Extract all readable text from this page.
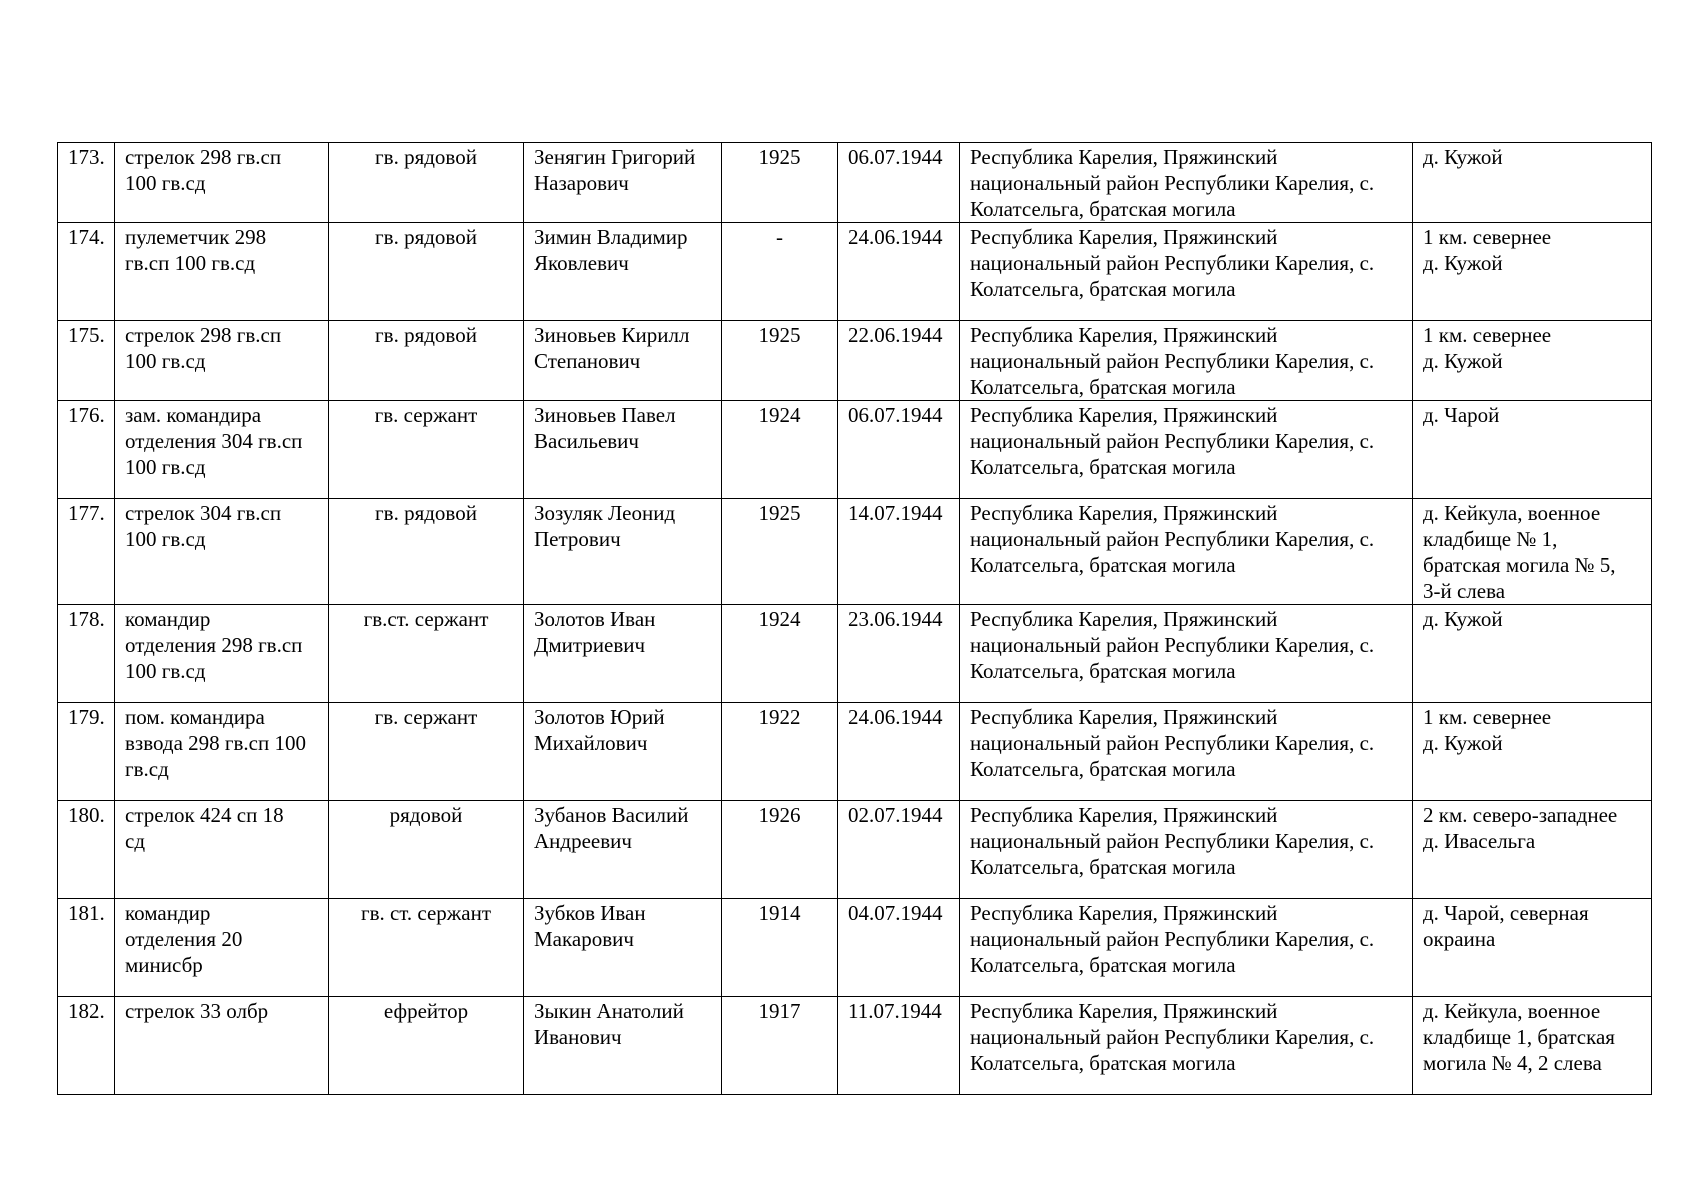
173.	стрелок 298 гв.сп
100 гв.сд	гв. рядовой	Зенягин Григорий
Назарович	1925	06.07.1944	Республика Карелия, Пряжинский
национальный район Республики Карелия, с.
Колатсельга, братская могила	д. Кужой

174.	пулеметчик 298
гв.сп 100 гв.сд	гв. рядовой	Зимин Владимир
Яковлевич	-	24.06.1944	Республика Карелия, Пряжинский
национальный район Республики Карелия, с.
Колатсельга, братская могила	1 км. севернее
д. Кужой

175.	стрелок 298 гв.сп
100 гв.сд	гв. рядовой	Зиновьев Кирилл
Степанович	1925	22.06.1944	Республика Карелия, Пряжинский
национальный район Республики Карелия, с.
Колатсельга, братская могила	1 км. севернее
д. Кужой

176.	зам. командира
отделения 304 гв.сп
100 гв.сд	гв. сержант	Зиновьев Павел
Васильевич	1924	06.07.1944	Республика Карелия, Пряжинский
национальный район Республики Карелия, с.
Колатсельга, братская могила	д. Чарой

177.	стрелок 304 гв.сп
100 гв.сд	гв. рядовой	Зозуляк Леонид
Петрович	1925	14.07.1944	Республика Карелия, Пряжинский
национальный район Республики Карелия, с.
Колатсельга, братская могила	д. Кейкула, военное
кладбище № 1,
братская могила № 5,
3-й слева

178.	командир
отделения 298 гв.сп
100 гв.сд	гв.ст. сержант	Золотов Иван
Дмитриевич	1924	23.06.1944	Республика Карелия, Пряжинский
национальный район Республики Карелия, с.
Колатсельга, братская могила	д. Кужой

179.	пом. командира
взвода 298 гв.сп 100
гв.сд	гв. сержант	Золотов Юрий
Михайлович	1922	24.06.1944	Республика Карелия, Пряжинский
национальный район Республики Карелия, с.
Колатсельга, братская могила	1 км. севернее
д. Кужой

180.	стрелок 424 сп 18
сд	рядовой	Зубанов Василий
Андреевич	1926	02.07.1944	Республика Карелия, Пряжинский
национальный район Республики Карелия, с.
Колатсельга, братская могила	2 км. северо-западнее
д. Ивасельга

181.	командир
отделения 20
минисбр	гв. ст. сержант	Зубков Иван
Макарович	1914	04.07.1944	Республика Карелия, Пряжинский
национальный район Республики Карелия, с.
Колатсельга, братская могила	д. Чарой, северная
окраина

182.	стрелок 33 олбр	ефрейтор	Зыкин Анатолий
Иванович	1917	11.07.1944	Республика Карелия, Пряжинский
национальный район Республики Карелия, с.
Колатсельга, братская могила	д. Кейкула, военное
кладбище 1, братская
могила № 4, 2 слева
